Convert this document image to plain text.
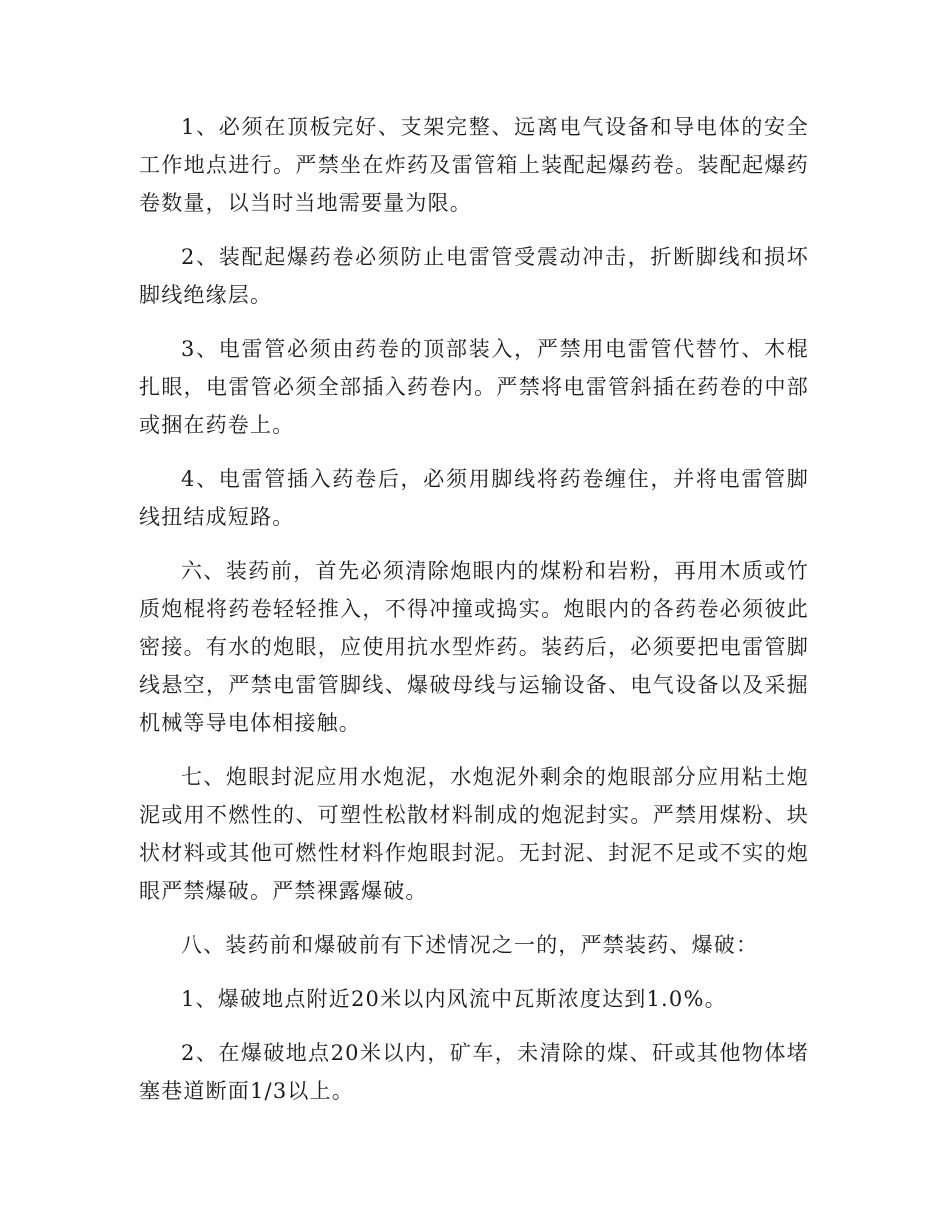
1、必须在顶板完好、支架完整、远离电气设备和导电体的安全工作地点进行。严禁坐在炸药及雷管箱上装配起爆药卷。装配起爆药卷数量，以当时当地需要量为限。

2、装配起爆药卷必须防止电雷管受震动冲击，折断脚线和损坏脚线绝缘层。

3、电雷管必须由药卷的顶部装入，严禁用电雷管代替竹、木棍扎眼，电雷管必须全部插入药卷内。严禁将电雷管斜插在药卷的中部或捆在药卷上。

4、电雷管插入药卷后，必须用脚线将药卷缠住，并将电雷管脚线扭结成短路。

六、装药前，首先必须清除炮眼内的煤粉和岩粉，再用木质或竹质炮棍将药卷轻轻推入，不得冲撞或捣实。炮眼内的各药卷必须彼此密接。有水的炮眼，应使用抗水型炸药。装药后，必须要把电雷管脚线悬空，严禁电雷管脚线、爆破母线与运输设备、电气设备以及采掘机械等导电体相接触。

七、炮眼封泥应用水炮泥，水炮泥外剩余的炮眼部分应用粘土炮泥或用不燃性的、可塑性松散材料制成的炮泥封实。严禁用煤粉、块状材料或其他可燃性材料作炮眼封泥。无封泥、封泥不足或不实的炮眼严禁爆破。严禁裸露爆破。

八、装药前和爆破前有下述情况之一的，严禁装药、爆破：

1、爆破地点附近20米以内风流中瓦斯浓度达到1.0%。

2、在爆破地点20米以内，矿车，未清除的煤、矸或其他物体堵塞巷道断面1/3以上。
